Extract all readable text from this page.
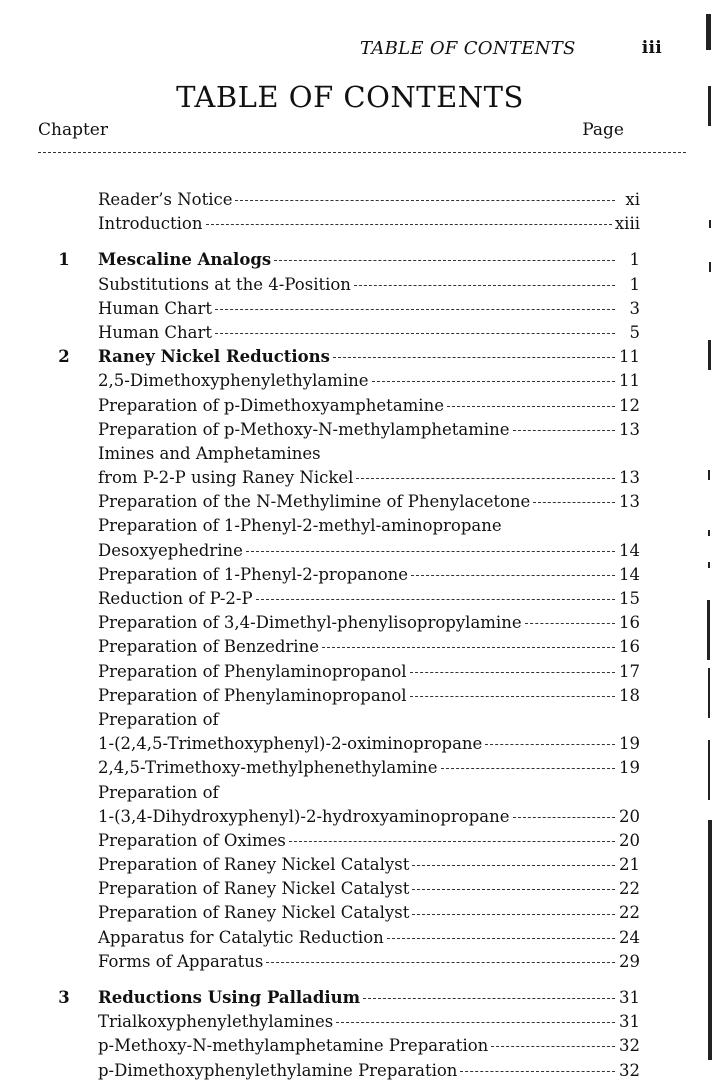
TABLE OF CONTENTS	iii
TABLE OF CONTENTS
Chapter	Page
Reader’s Notice	xi
Introduction	xiii
1 Mescaline Analogs	1
Substitutions at the 4-Position	1
Human Chart	3
Human Chart	5
2 Raney Nickel Reductions	11
2,5-Dimethoxyphenylethylamine	11
Preparation of p-Dimethoxyamphetamine	12
Preparation of p-Methoxy-N-methylamphetamine	13
Imines and Amphetamines
from P-2-P using Raney Nickel	13
Preparation of the N-Methylimine of Phenylacetone	13
Preparation of 1-Phenyl-2-methyl-aminopropane
Desoxyephedrine	14
Preparation of 1-Phenyl-2-propanone	14
Reduction of P-2-P	15
Preparation of 3,4-Dimethyl-phenylisopropylamine	16
Preparation of Benzedrine	16
Preparation of Phenylaminopropanol	17
Preparation of Phenylaminopropanol	18
Preparation of
1-(2,4,5-Trimethoxyphenyl)-2-oximinopropane	19
2,4,5-Trimethoxy-methylphenethylamine	19
Preparation of
1-(3,4-Dihydroxyphenyl)-2-hydroxyaminopropane	20
Preparation of Oximes	20
Preparation of Raney Nickel Catalyst	21
Preparation of Raney Nickel Catalyst	22
Preparation of Raney Nickel Catalyst	22
Apparatus for Catalytic Reduction	24
Forms of Apparatus	29
3 Reductions Using Palladium	31
Trialkoxyphenylethylamines	31
p-Methoxy-N-methylamphetamine Preparation	32
p-Dimethoxyphenylethylamine Preparation	32
